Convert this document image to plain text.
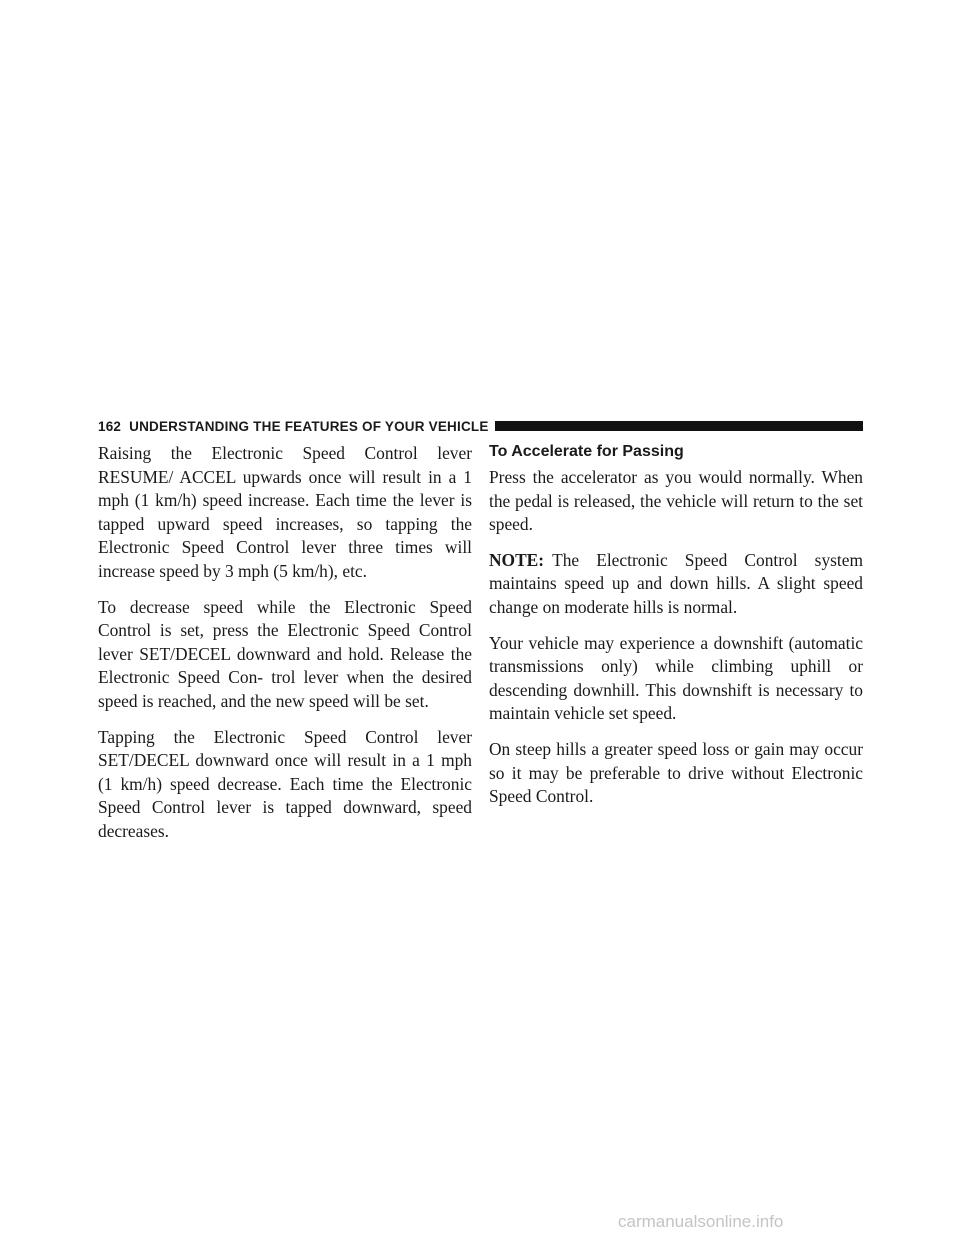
162 UNDERSTANDING THE FEATURES OF YOUR VEHICLE

Raising the Electronic Speed Control lever RESUME/ ACCEL upwards once will result in a 1 mph (1 km/h) speed increase. Each time the lever is tapped upward speed increases, so tapping the Electronic Speed Control lever three times will increase speed by 3 mph (5 km/h), etc.

To decrease speed while the Electronic Speed Control is set, press the Electronic Speed Control lever SET/DECEL downward and hold. Release the Electronic Speed Con- trol lever when the desired speed is reached, and the new speed will be set.

Tapping the Electronic Speed Control lever SET/DECEL downward once will result in a 1 mph (1 km/h) speed decrease. Each time the Electronic Speed Control lever is tapped downward, speed decreases.

To Accelerate for Passing

Press the accelerator as you would normally. When the pedal is released, the vehicle will return to the set speed.

NOTE: The Electronic Speed Control system maintains speed up and down hills. A slight speed change on moderate hills is normal.

Your vehicle may experience a downshift (automatic transmissions only) while climbing uphill or descending downhill. This downshift is necessary to maintain vehicle set speed.

On steep hills a greater speed loss or gain may occur so it may be preferable to drive without Electronic Speed Control.

carmanualsonline.info
